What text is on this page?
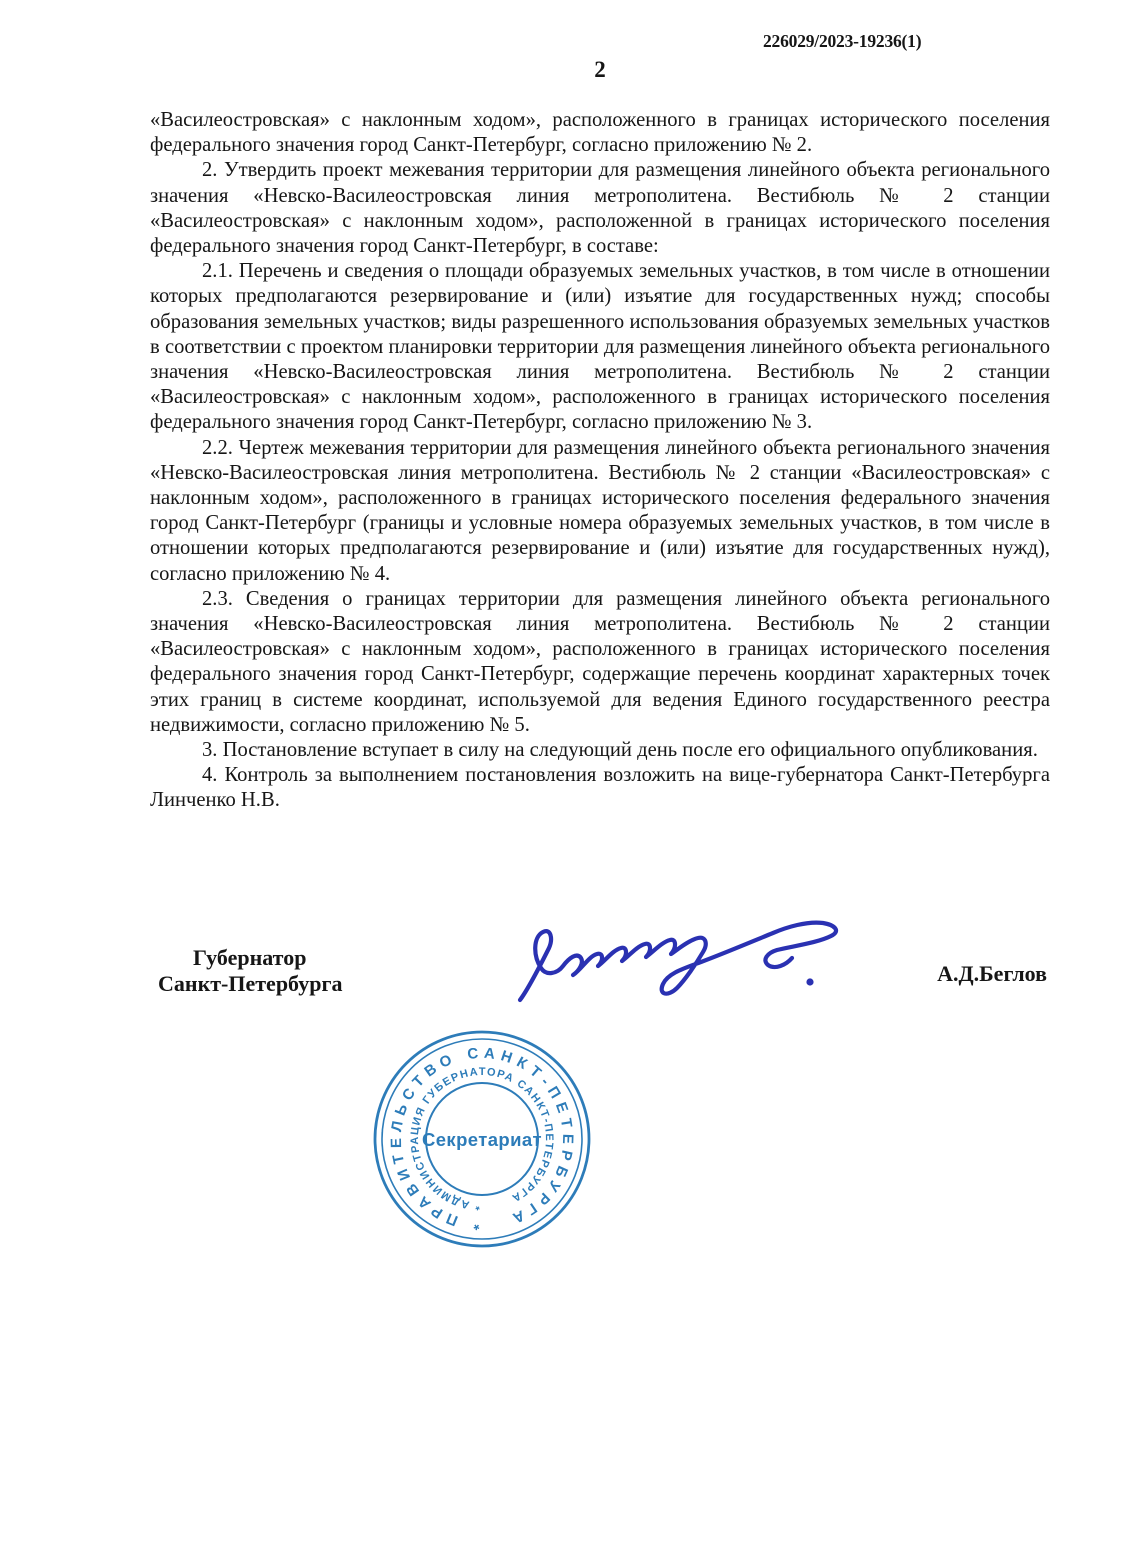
226029/2023-19236(1)
2

«Василеостровская» с наклонным ходом», расположенного в границах исторического поселения федерального значения город Санкт-Петербург, согласно приложению № 2.

2. Утвердить проект межевания территории для размещения линейного объекта регионального значения «Невско-Василеостровская линия метрополитена. Вестибюль № 2 станции «Василеостровская» с наклонным ходом», расположенной в границах исторического поселения федерального значения город Санкт-Петербург, в составе:

2.1. Перечень и сведения о площади образуемых земельных участков, в том числе в отношении которых предполагаются резервирование и (или) изъятие для государственных нужд; способы образования земельных участков; виды разрешенного использования образуемых земельных участков в соответствии с проектом планировки территории для размещения линейного объекта регионального значения «Невско-Василеостровская линия метрополитена. Вестибюль № 2 станции «Василеостровская» с наклонным ходом», расположенного в границах исторического поселения федерального значения город Санкт-Петербург, согласно приложению № 3.

2.2. Чертеж межевания территории для размещения линейного объекта регионального значения «Невско-Василеостровская линия метрополитена. Вестибюль № 2 станции «Василеостровская» с наклонным ходом», расположенного в границах исторического поселения федерального значения город Санкт-Петербург (границы и условные номера образуемых земельных участков, в том числе в отношении которых предполагаются резервирование и (или) изъятие для государственных нужд), согласно приложению № 4.

2.3. Сведения о границах территории для размещения линейного объекта регионального значения «Невско-Василеостровская линия метрополитена. Вестибюль № 2 станции «Василеостровская» с наклонным ходом», расположенного в границах исторического поселения федерального значения город Санкт-Петербург, содержащие перечень координат характерных точек этих границ в системе координат, используемой для ведения Единого государственного реестра недвижимости, согласно приложению № 5.

3. Постановление вступает в силу на следующий день после его официального опубликования.

4. Контроль за выполнением постановления возложить на вице-губернатора Санкт-Петербурга Линченко Н.В.

Губернатор
Санкт-Петербурга	А.Д.Беглов
* ПРАВИТЕЛЬСТВО САНКТ-ПЕТЕРБУРГА
* АДМИНИСТРАЦИЯ ГУБЕРНАТОРА САНКТ-ПЕТЕРБУРГА
Секретариат
